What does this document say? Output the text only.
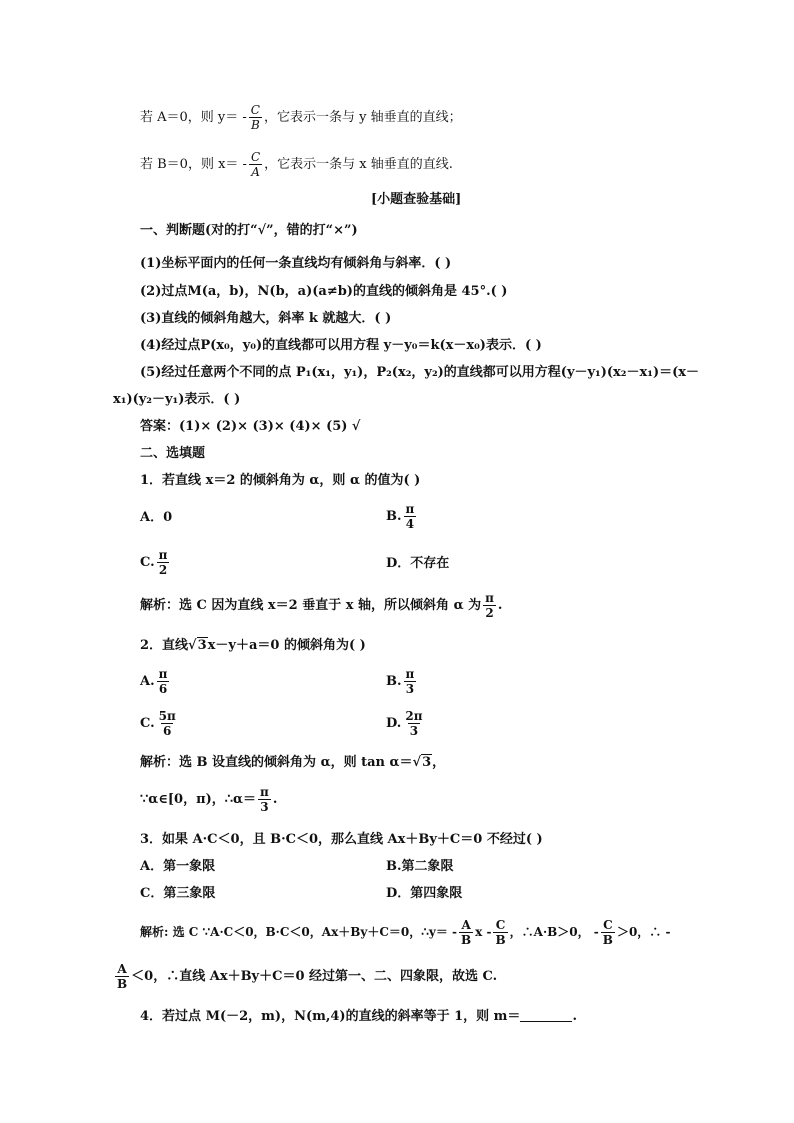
若 A＝0，则 $y= - \frac{C}{B}$ ，它表示一条与 y 轴垂直的直线；
若 B＝0，则 $x= - \frac{C}{A}$ ，它表示一条与 x 轴垂直的直线.
[小题查验基础]
一、判断题(对的打“√”，错的打“×”)
(1)坐标平面内的任何一条直线均有倾斜角与斜率．( )
(2)过点M(a，b)，N(b，a)(a≠b)的直线的倾斜角是 45°.( )
(3)直线的倾斜角越大，斜率 k 就越大．( )
(4)经过点P(x₀，y₀)的直线都可以用方程 y－y₀＝k(x－x₀)表示．( )
(5)经过任意两个不同的点 P₁(x₁，y₁)，P₂(x₂，y₂)的直线都可以用方程(y－y₁)(x₂－x₁)＝(x－
x₁)(y₂－y₁)表示．( )
答案：(1)× (2)× (3)× (4)× (5) √
二、选填题
1．若直线 x＝2 的倾斜角为 α，则 α 的值为( )
A．0	B. $\frac{\pi}{4}$
C. $\frac{\pi}{2}$	D．不存在
解析：选 C 因为直线 x＝2 垂直于 x 轴，所以倾斜角 α 为 $\frac{\pi}{2}$ .
2．直线√3x－y＋a＝0 的倾斜角为( )
A. $\frac{\pi}{6}$	B. $\frac{\pi}{3}$
C. $\frac{5\pi}{6}$	D. $\frac{2\pi}{3}$
解析：选 B 设直线的倾斜角为 α，则 tan α＝√3，
∵α∈[0，π)，∴α＝ $\frac{\pi}{3}$ .
3．如果 A·C＜0，且 B·C＜0，那么直线 Ax＋By＋C＝0 不经过( )
A．第一象限	B.第二象限
C．第三象限	D．第四象限
解析: 选 C ∵A·C＜0，B·C＜0，Ax＋By＋C＝0，∴y＝ - $\frac{A}{B}$ x - $\frac{C}{B}$ ，∴A·B＞0， - $\frac{C}{B} >0$，∴ -
$\frac{A}{B} <0$，∴直线 Ax＋By＋C＝0 经过第一、二、四象限，故选 C.
4．若过点 M(－2，m)，N(m,4)的直线的斜率等于 1，则 m＝	.
